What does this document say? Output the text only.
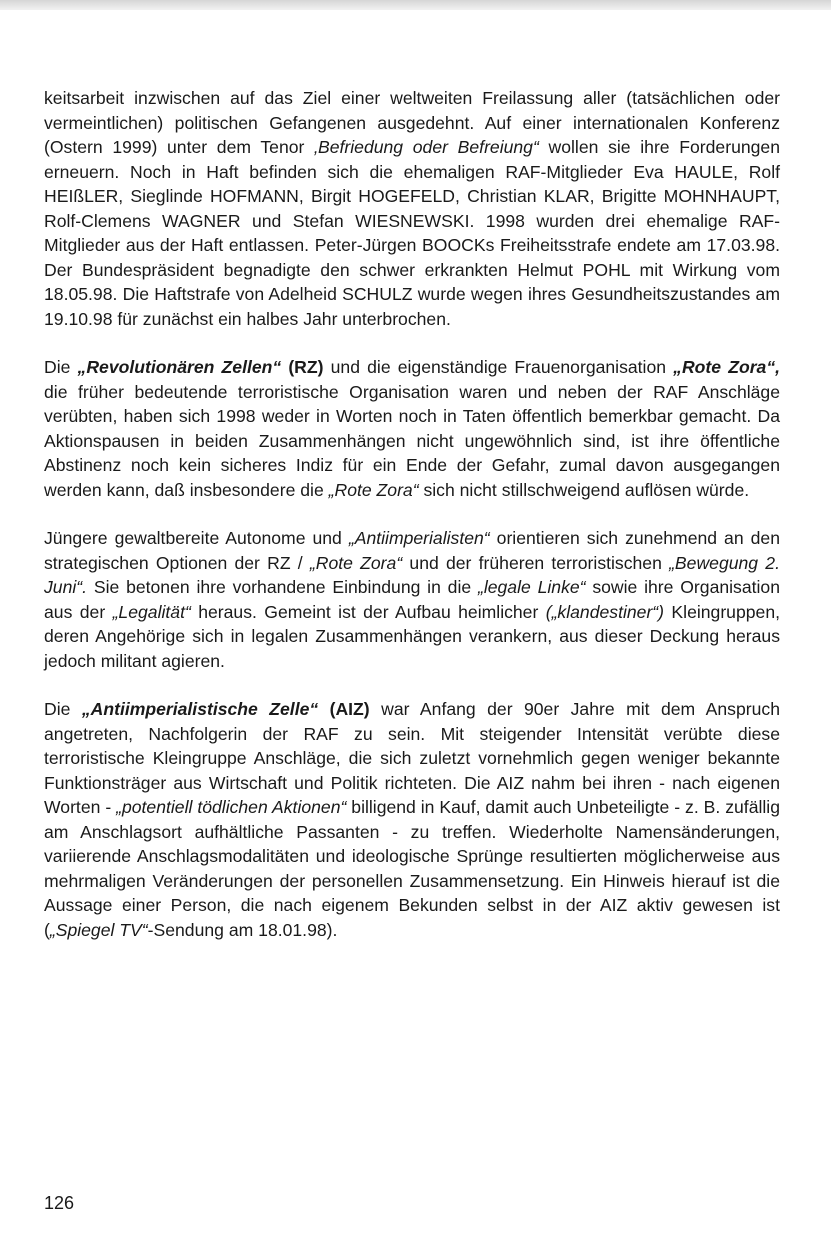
keitsarbeit inzwischen auf das Ziel einer weltweiten Freilassung aller (tatsächlichen oder vermeintlichen) politischen Gefangenen ausgedehnt. Auf einer internationalen Konferenz (Ostern 1999) unter dem Tenor ‚Befriedung oder Befreiung“ wollen sie ihre Forderungen erneuern. Noch in Haft befinden sich die ehemaligen RAF-Mitglieder Eva HAULE, Rolf HEIßLER, Sieglinde HOFMANN, Birgit HOGEFELD, Christian KLAR, Brigitte MOHNHAUPT, Rolf-Clemens WAGNER und Stefan WIESNEWSKI. 1998 wurden drei ehemalige RAF-Mitglieder aus der Haft entlassen. Peter-Jürgen BOOCKs Freiheitsstrafe endete am 17.03.98. Der Bundespräsident begnadigte den schwer erkrankten Helmut POHL mit Wirkung vom 18.05.98. Die Haftstrafe von Adelheid SCHULZ wurde wegen ihres Gesundheitszustandes am 19.10.98 für zunächst ein halbes Jahr unterbrochen.

Die „Revolutionären Zellen“ (RZ) und die eigenständige Frauenorganisation „Rote Zora“, die früher bedeutende terroristische Organisation waren und neben der RAF Anschläge verübten, haben sich 1998 weder in Worten noch in Taten öffentlich bemerkbar gemacht. Da Aktionspausen in beiden Zusammenhängen nicht ungewöhnlich sind, ist ihre öffentliche Abstinenz noch kein sicheres Indiz für ein Ende der Gefahr, zumal davon ausgegangen werden kann, daß insbesondere die „Rote Zora“ sich nicht stillschweigend auflösen würde.

Jüngere gewaltbereite Autonome und „Antiimperialisten“ orientieren sich zunehmend an den strategischen Optionen der RZ / „Rote Zora“ und der früheren terroristischen „Bewegung 2. Juni“. Sie betonen ihre vorhandene Einbindung in die „legale Linke“ sowie ihre Organisation aus der „Legalität“ heraus. Gemeint ist der Aufbau heimlicher („klandestiner“) Kleingruppen, deren Angehörige sich in legalen Zusammenhängen verankern, aus dieser Deckung heraus jedoch militant agieren.

Die „Antiimperialistische Zelle“ (AIZ) war Anfang der 90er Jahre mit dem Anspruch angetreten, Nachfolgerin der RAF zu sein. Mit steigender Intensität verübte diese terroristische Kleingruppe Anschläge, die sich zuletzt vornehmlich gegen weniger bekannte Funktionsträger aus Wirtschaft und Politik richteten. Die AIZ nahm bei ihren - nach eigenen Worten - „potentiell tödlichen Aktionen“ billigend in Kauf, damit auch Unbeteiligte - z. B. zufällig am Anschlagsort aufhältliche Passanten - zu treffen. Wiederholte Namensänderungen, variierende Anschlagsmodalitäten und ideologische Sprünge resultierten möglicherweise aus mehrmaligen Veränderungen der personellen Zusammensetzung. Ein Hinweis hierauf ist die Aussage einer Person, die nach eigenem Bekunden selbst in der AIZ aktiv gewesen ist („Spiegel TV“-Sendung am 18.01.98).

126
